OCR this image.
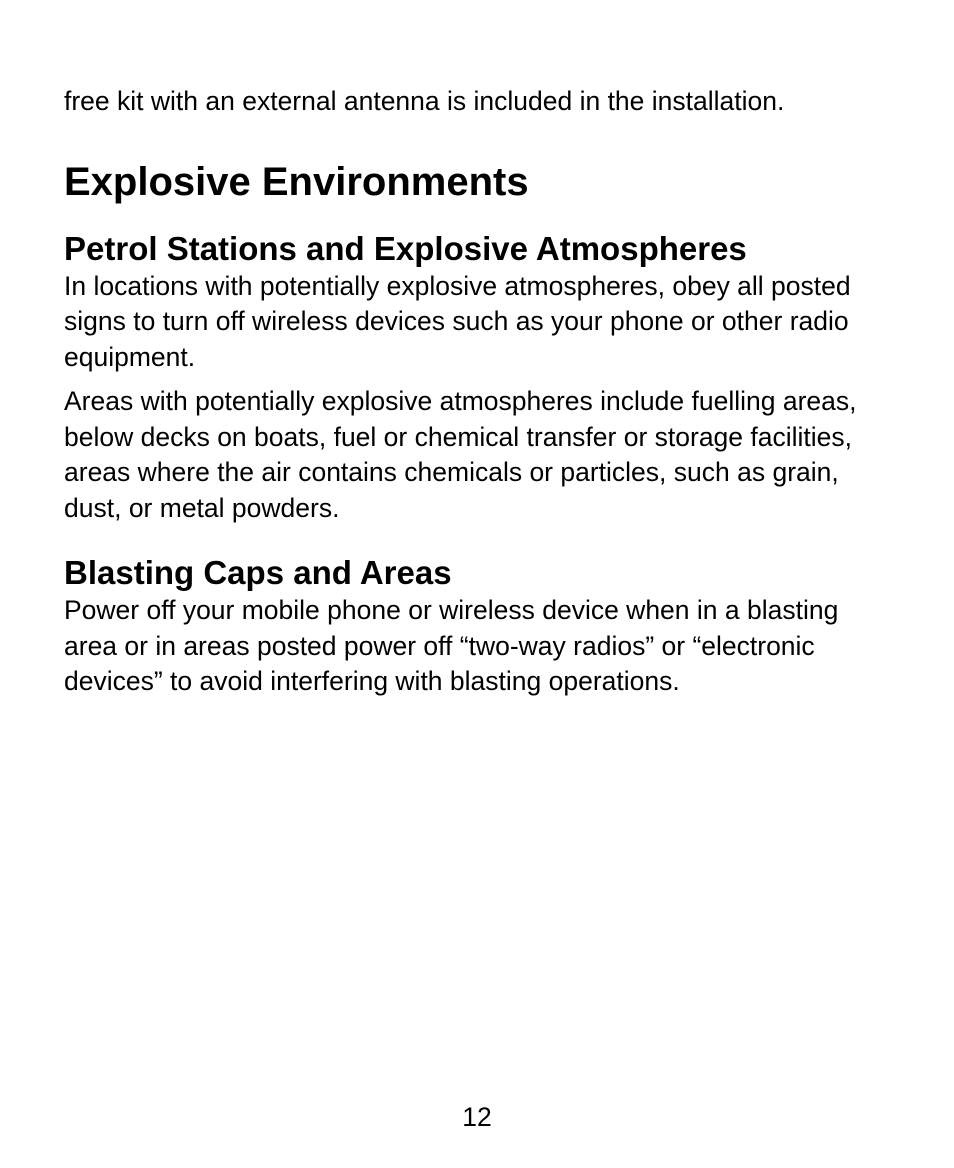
free kit with an external antenna is included in the installation.

Explosive Environments
Petrol Stations and Explosive Atmospheres

In locations with potentially explosive atmospheres, obey all posted signs to turn off wireless devices such as your phone or other radio equipment.

Areas with potentially explosive atmospheres include fuelling areas, below decks on boats, fuel or chemical transfer or storage facilities, areas where the air contains chemicals or particles, such as grain, dust, or metal powders.

Blasting Caps and Areas

Power off your mobile phone or wireless device when in a blasting area or in areas posted power off “two-way radios” or “electronic devices” to avoid interfering with blasting operations.

12
